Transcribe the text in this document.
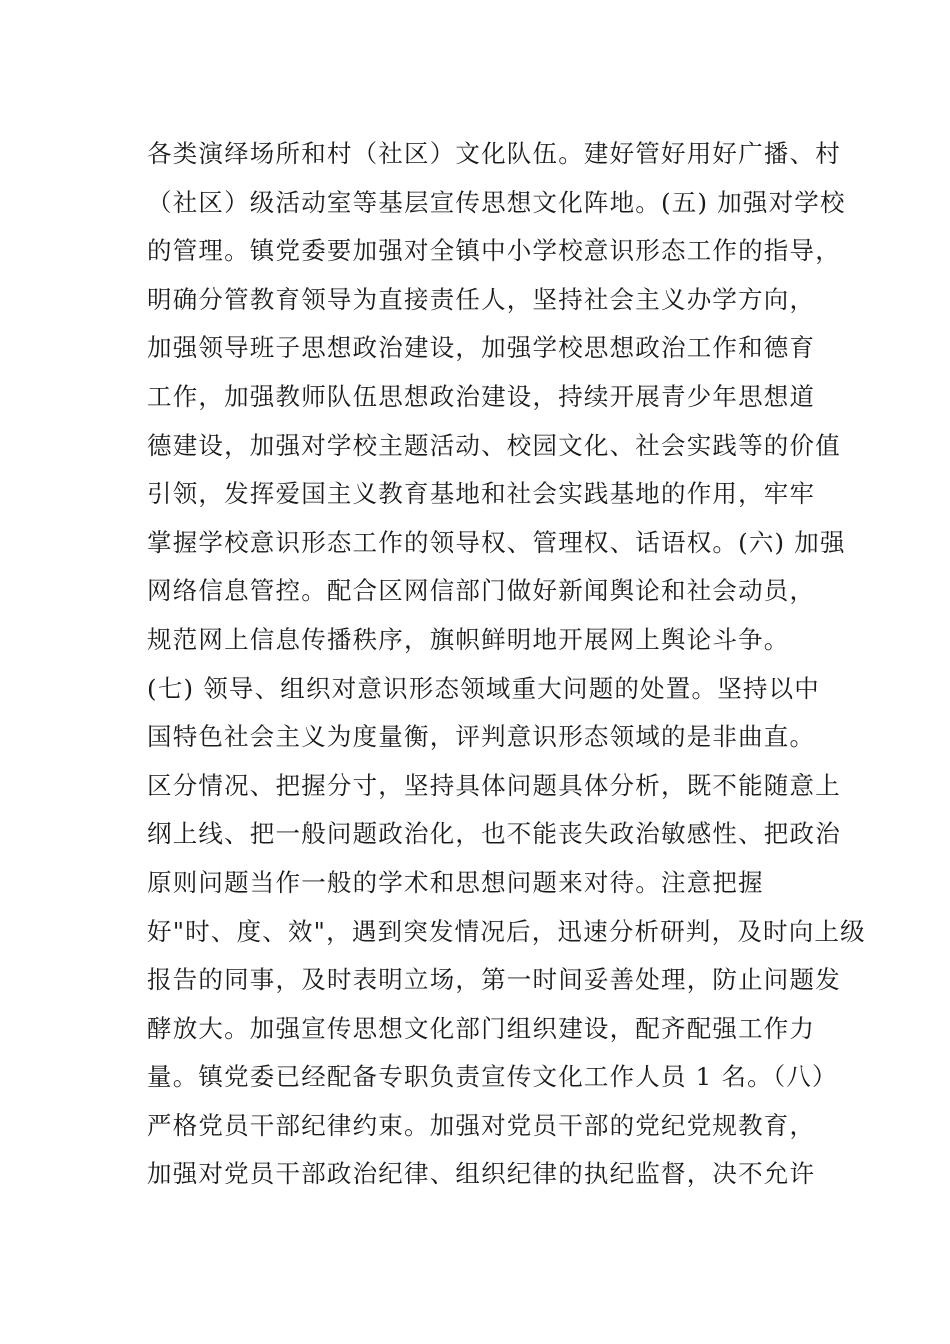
各类演绎场所和村（社区）文化队伍。建好管好用好广播、村
（社区）级活动室等基层宣传思想文化阵地。(五) 加强对学校
的管理。镇党委要加强对全镇中小学校意识形态工作的指导，
明确分管教育领导为直接责任人，坚持社会主义办学方向，
加强领导班子思想政治建设，加强学校思想政治工作和德育
工作，加强教师队伍思想政治建设，持续开展青少年思想道
德建设，加强对学校主题活动、校园文化、社会实践等的价值
引领，发挥爱国主义教育基地和社会实践基地的作用，牢牢
掌握学校意识形态工作的领导权、管理权、话语权。(六) 加强
网络信息管控。配合区网信部门做好新闻舆论和社会动员，
规范网上信息传播秩序，旗帜鲜明地开展网上舆论斗争。
(七) 领导、组织对意识形态领域重大问题的处置。坚持以中
国特色社会主义为度量衡，评判意识形态领域的是非曲直。
区分情况、把握分寸，坚持具体问题具体分析，既不能随意上
纲上线、把一般问题政治化，也不能丧失政治敏感性、把政治
原则问题当作一般的学术和思想问题来对待。注意把握
好"时、度、效"，遇到突发情况后，迅速分析研判，及时向上级
报告的同事，及时表明立场，第一时间妥善处理，防止问题发
酵放大。加强宣传思想文化部门组织建设，配齐配强工作力
量。镇党委已经配备专职负责宣传文化工作人员 1 名。（八）
严格党员干部纪律约束。加强对党员干部的党纪党规教育，
加强对党员干部政治纪律、组织纪律的执纪监督，决不允许
